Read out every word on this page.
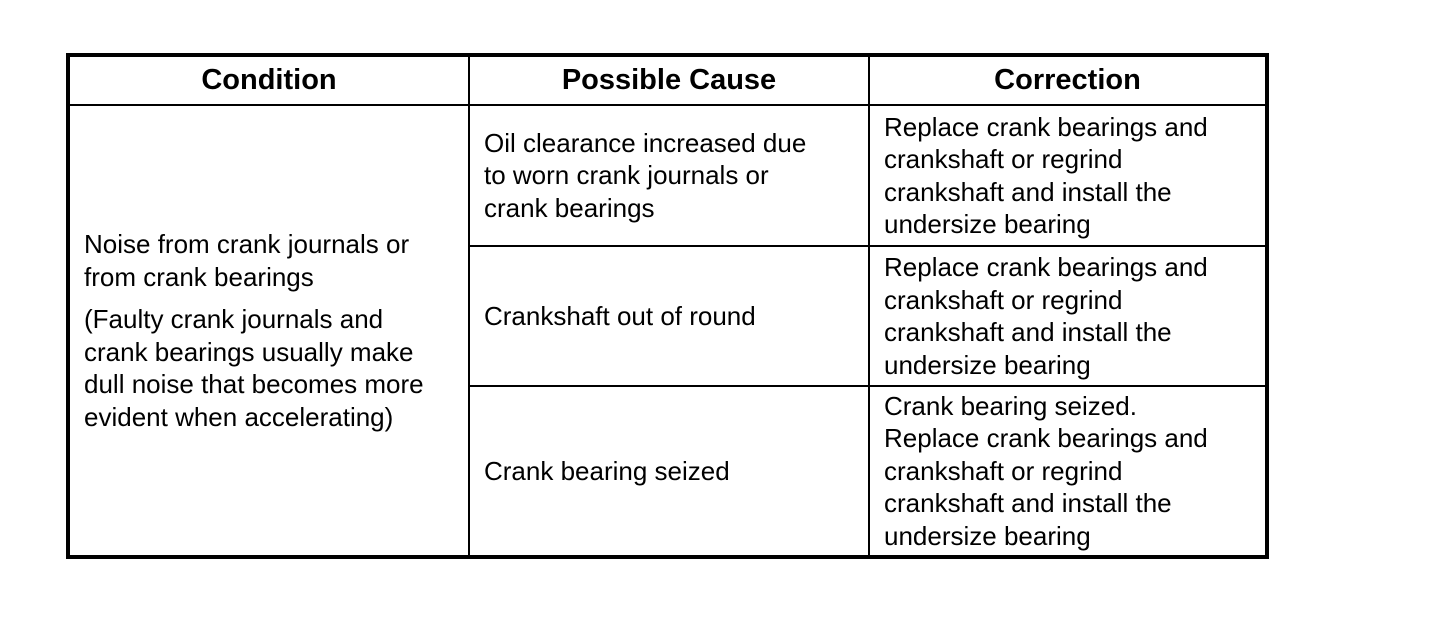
Condition	Possible Cause	Correction

Noise from crank journals or
from crank bearings

(Faulty crank journals and
crank bearings usually make
dull noise that becomes more
evident when accelerating)

Oil clearance increased due
to worn crank journals or
crank bearings
Replace crank bearings and
crankshaft or regrind
crankshaft and install the
undersize bearing
Crankshaft out of round
Replace crank bearings and
crankshaft or regrind
crankshaft and install the
undersize bearing
Crank bearing seized
Crank bearing seized.
Replace crank bearings and
crankshaft or regrind
crankshaft and install the
undersize bearing
